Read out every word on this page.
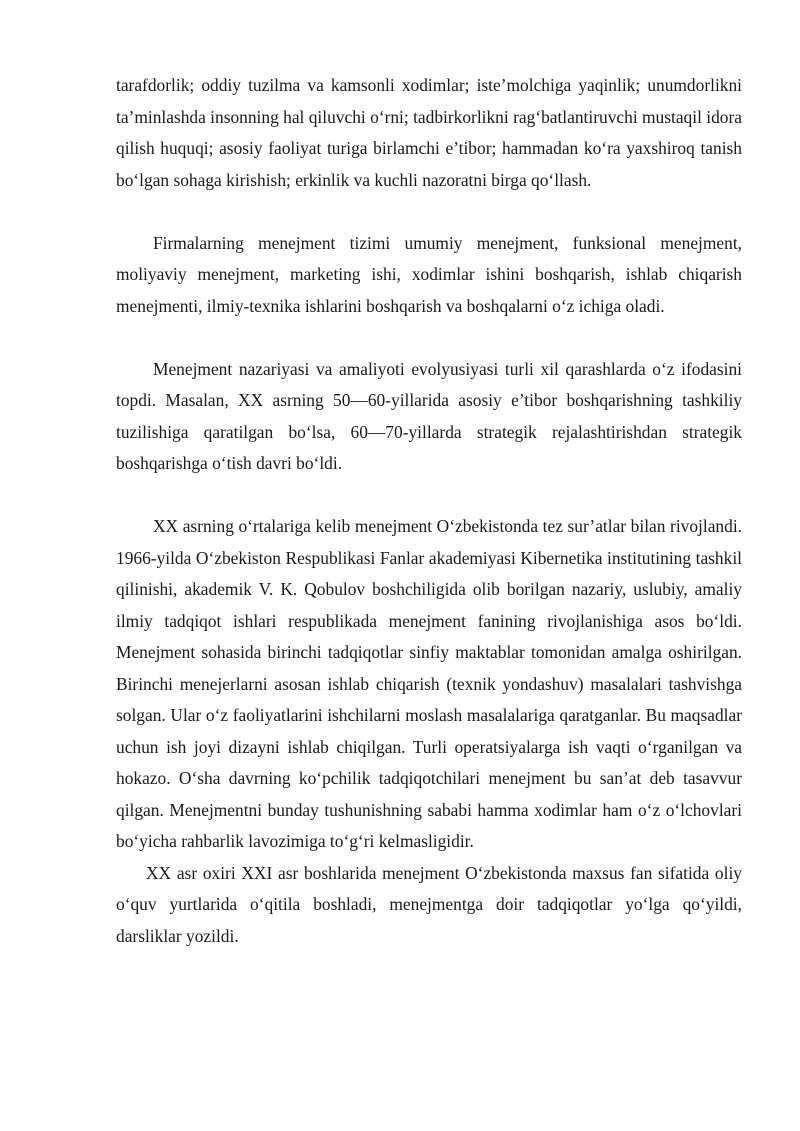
tarafdorlik; oddiy tuzilma va kamsonli xodimlar; iste’molchiga yaqinlik; unumdorlikni ta’minlashda insonning hal qiluvchi o‘rni; tadbirkorlikni rag‘batlantiruvchi mustaqil idora qilish huquqi; asosiy faoliyat turiga birlamchi e’tibor; hammadan ko‘ra yaxshiroq tanish bo‘lgan sohaga kirishish; erkinlik va kuchli nazoratni birga qo‘llash.

Firmalarning menejment tizimi umumiy menejment, funksional menejment, moliyaviy menejment, marketing ishi, xodimlar ishini boshqarish, ishlab chiqarish menejmenti, ilmiy-texnika ishlarini boshqarish va boshqalarni o‘z ichiga oladi.

Menejment nazariyasi va amaliyoti evolyusiyasi turli xil qarashlarda o‘z ifodasini topdi. Masalan, XX asrning 50—60-yillarida asosiy e’tibor boshqarishning tashkiliy tuzilishiga qaratilgan bo‘lsa, 60—70-yillarda strategik rejalashtirishdan strategik boshqarishga o‘tish davri bo‘ldi.

XX asrning o‘rtalariga kelib menejment O‘zbekistonda tez sur’atlar bilan rivojlandi. 1966-yilda O‘zbekiston Respublikasi Fanlar akademiyasi Kibernetika institutining tashkil qilinishi, akademik V. K. Qobulov boshchiligida olib borilgan nazariy, uslubiy, amaliy ilmiy tadqiqot ishlari respublikada menejment fanining rivojlanishiga asos bo‘ldi. Menejment sohasida birinchi tadqiqotlar sinfiy maktablar tomonidan amalga oshirilgan. Birinchi menejerlarni asosan ishlab chiqarish (texnik yondashuv) masalalari tashvishga solgan. Ular o‘z faoliyatlarini ishchilarni moslash masalalariga qaratganlar. Bu maqsadlar uchun ish joyi dizayni ishlab chiqilgan. Turli operatsiyalarga ish vaqti o‘rganilgan va hokazo. O‘sha davrning ko‘pchilik tadqiqotchilari menejment bu san’at deb tasavvur qilgan. Menejmentni bunday tushunishning sababi hamma xodimlar ham o‘z o‘lchovlari bo‘yicha rahbarlik lavozimiga to‘g‘ri kelmasligidir.

XX asr oxiri XXI asr boshlarida menejment O‘zbekistonda maxsus fan sifatida oliy o‘quv yurtlarida o‘qitila boshladi, menejmentga doir tadqiqotlar yo‘lga qo‘yildi, darsliklar yozildi.
